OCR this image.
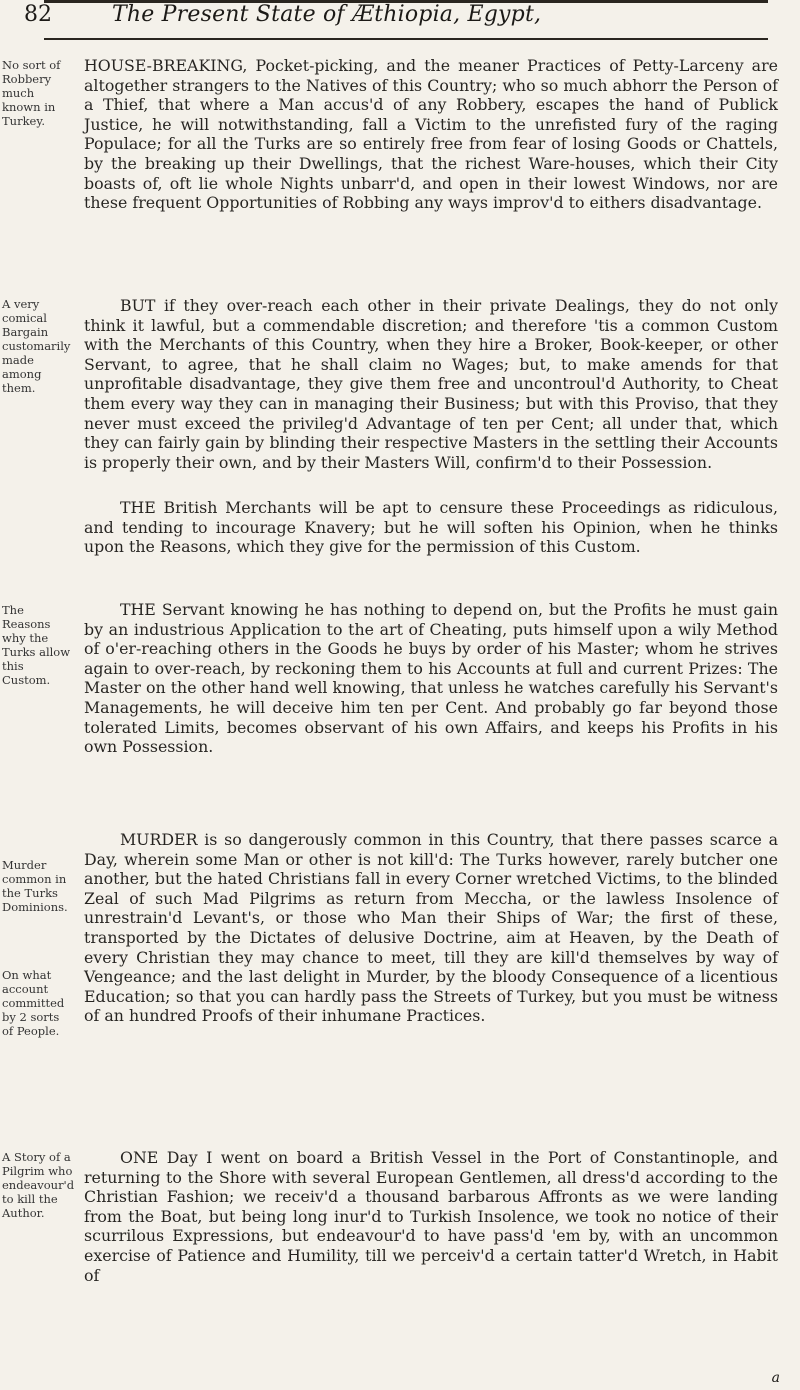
82	The Present State of Æthiopia, Egypt,
No sort of Robbery much known in Turkey.
A very comical Bargain customarily made among them.
The Reasons why the Turks allow this Custom.
Murder common in the Turks Dominions.
On what account committed by 2 sorts of People.
A Story of a Pilgrim who endeavour'd to kill the Author.

HOUSE-BREAKING, Pocket-picking, and the meaner Practices of Petty-Larceny are altogether strangers to the Natives of this Country; who so much abhorr the Person of a Thief, that where a Man accus'd of any Robbery, escapes the hand of Publick Justice, he will notwithstanding, fall a Victim to the unrefisted fury of the raging Populace; for all the Turks are so entirely free from fear of losing Goods or Chattels, by the breaking up their Dwellings, that the richest Ware-houses, which their City boasts of, oft lie whole Nights unbarr'd, and open in their lowest Windows, nor are these frequent Opportunities of Robbing any ways improv'd to eithers disadvantage.

BUT if they over-reach each other in their private Dealings, they do not only think it lawful, but a commendable discretion; and therefore 'tis a common Custom with the Merchants of this Country, when they hire a Broker, Book-keeper, or other Servant, to agree, that he shall claim no Wages; but, to make amends for that unprofitable disadvantage, they give them free and uncontroul'd Authority, to Cheat them every way they can in managing their Business; but with this Proviso, that they never must exceed the privileg'd Advantage of ten per Cent; all under that, which they can fairly gain by blinding their respective Masters in the settling their Accounts is properly their own, and by their Masters Will, confirm'd to their Possession.

THE British Merchants will be apt to censure these Proceedings as ridiculous, and tending to incourage Knavery; but he will soften his Opinion, when he thinks upon the Reasons, which they give for the permission of this Custom.

THE Servant knowing he has nothing to depend on, but the Profits he must gain by an industrious Application to the art of Cheating, puts himself upon a wily Method of o'er-reaching others in the Goods he buys by order of his Master; whom he strives again to over-reach, by reckoning them to his Accounts at full and current Prizes: The Master on the other hand well knowing, that unless he watches carefully his Servant's Managements, he will deceive him ten per Cent. And probably go far beyond those tolerated Limits, becomes observant of his own Affairs, and keeps his Profits in his own Possession.

MURDER is so dangerously common in this Country, that there passes scarce a Day, wherein some Man or other is not kill'd: The Turks however, rarely butcher one another, but the hated Christians fall in every Corner wretched Victims, to the blinded Zeal of such Mad Pilgrims as return from Meccha, or the lawless Insolence of unrestrain'd Levant's, or those who Man their Ships of War; the first of these, transported by the Dictates of delusive Doctrine, aim at Heaven, by the Death of every Christian they may chance to meet, till they are kill'd themselves by way of Vengeance; and the last delight in Murder, by the bloody Consequence of a licentious Education; so that you can hardly pass the Streets of Turkey, but you must be witness of an hundred Proofs of their inhumane Practices.

ONE Day I went on board a British Vessel in the Port of Constantinople, and returning to the Shore with several European Gentlemen, all dress'd according to the Christian Fashion; we receiv'd a thousand barbarous Affronts as we were landing from the Boat, but being long inur'd to Turkish Insolence, we took no notice of their scurrilous Expressions, but endeavour'd to have pass'd 'em by, with an uncommon exercise of Patience and Humility, till we perceiv'd a certain tatter'd Wretch, in Habit of

a
